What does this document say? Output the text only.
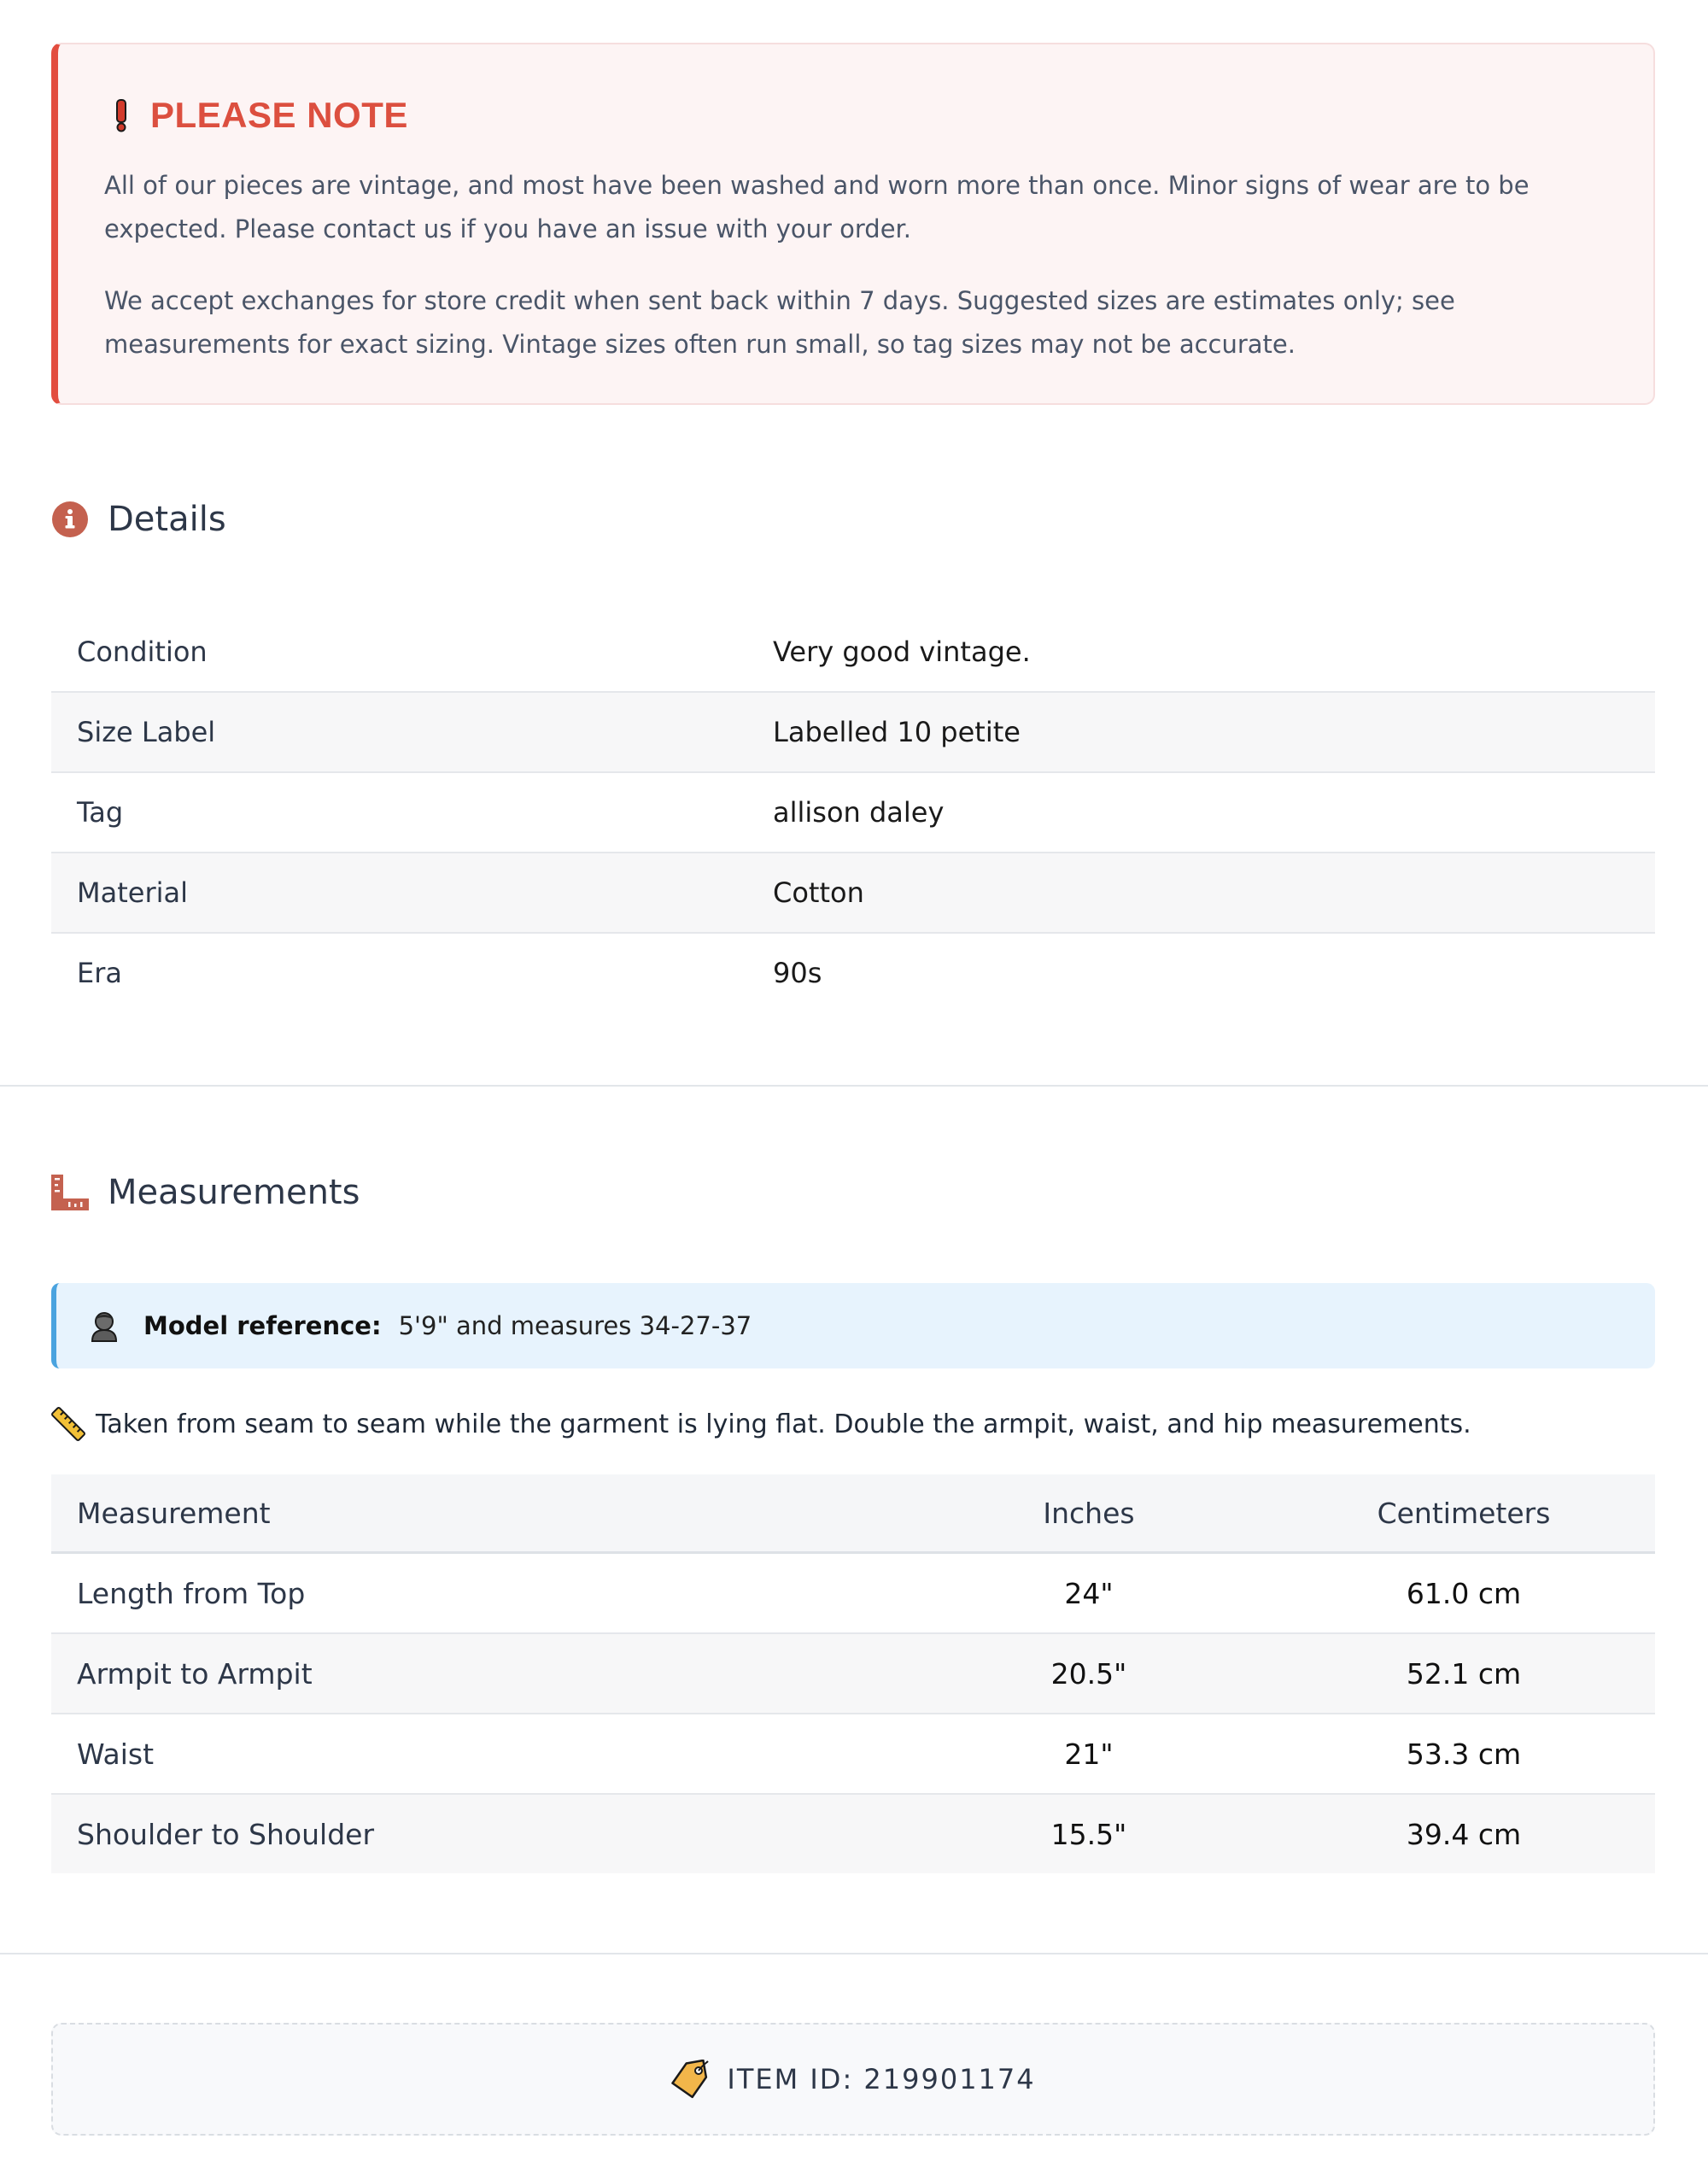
PLEASE NOTE

All of our pieces are vintage, and most have been washed and worn more than once. Minor signs of wear are to be expected. Please contact us if you have an issue with your order.

We accept exchanges for store credit when sent back within 7 days. Suggested sizes are estimates only; see measurements for exact sizing. Vintage sizes often run small, so tag sizes may not be accurate.

Details
Condition	Very good vintage.
Size Label	Labelled 10 petite
Tag	allison daley
Material	Cotton
Era	90s
Measurements
Model reference: 5'9" and measures 34-27-37
Taken from seam to seam while the garment is lying flat. Double the armpit, waist, and hip measurements.
Measurement	Inches	Centimeters
Length from Top	24"	61.0 cm
Armpit to Armpit	20.5"	52.1 cm
Waist	21"	53.3 cm
Shoulder to Shoulder	15.5"	39.4 cm
ITEM ID: 219901174
